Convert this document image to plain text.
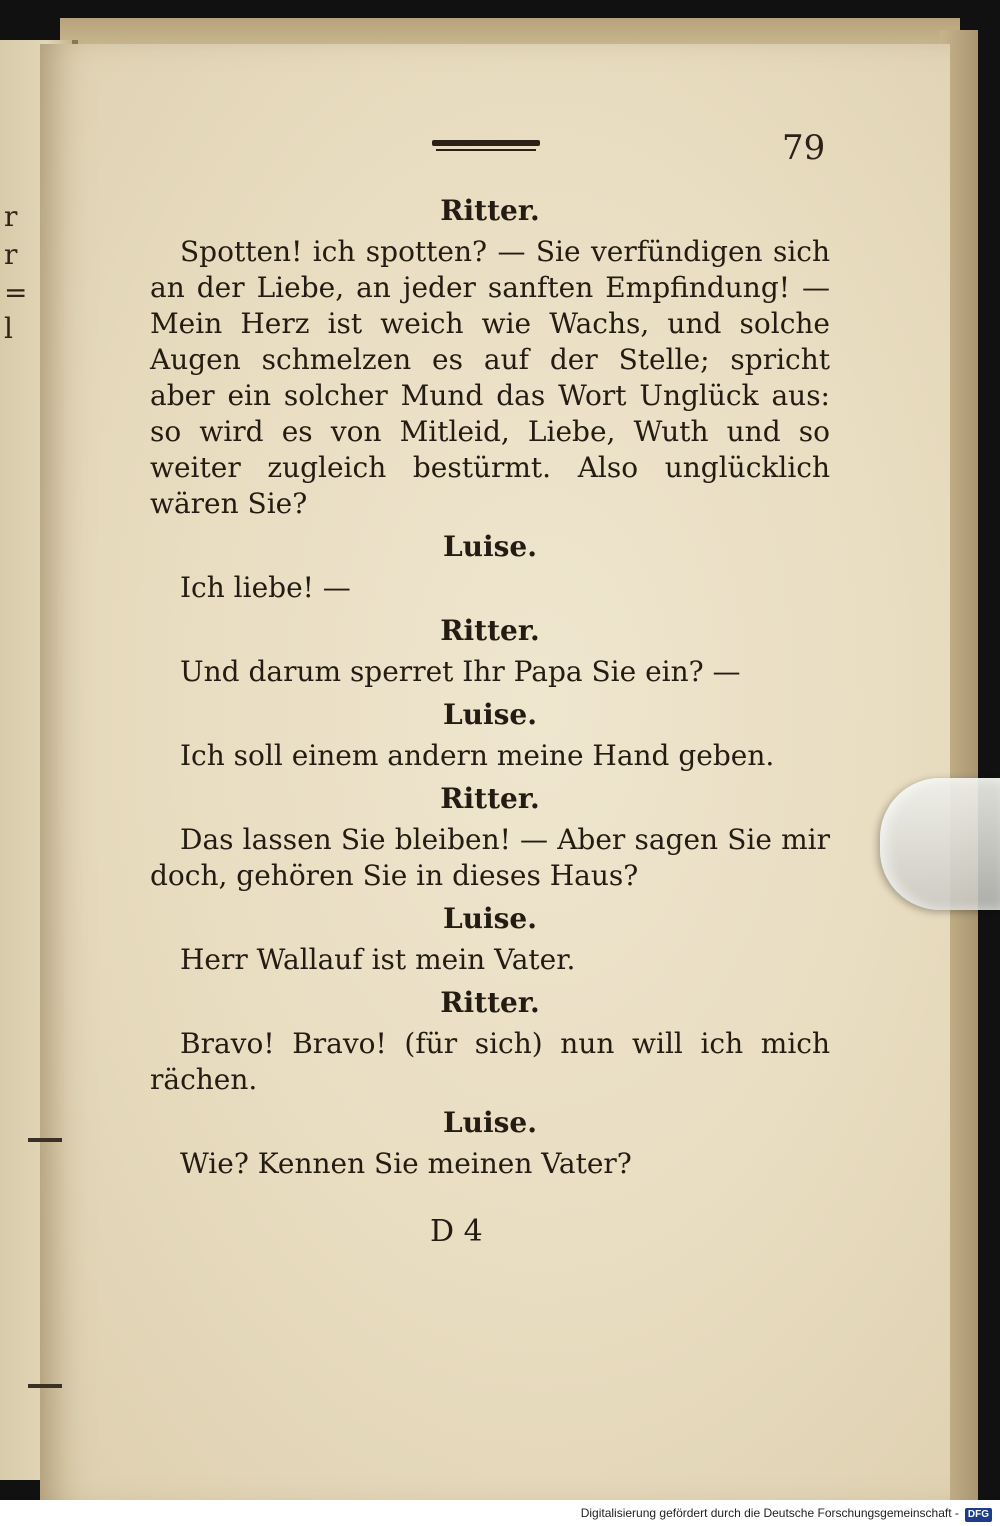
r
r
=
l
79

Ritter.

Spotten! ich spotten? — Sie verfündigen sich an der Liebe, an jeder sanften Empfindung! — Mein Herz ist weich wie Wachs, und solche Augen schmelzen es auf der Stelle; spricht aber ein solcher Mund das Wort Unglück aus: so wird es von Mitleid, Liebe, Wuth und so weiter zugleich bestürmt. Also unglücklich wären Sie?

Luise.

Ich liebe! —

Ritter.

Und darum sperret Ihr Papa Sie ein? —

Luise.

Ich soll einem andern meine Hand geben.

Ritter.

Das lassen Sie bleiben! — Aber sagen Sie mir doch, gehören Sie in dieses Haus?

Luise.

Herr Wallauf ist mein Vater.

Ritter.

Bravo! Bravo! (für sich) nun will ich mich rächen.

Luise.

Wie? Kennen Sie meinen Vater?

D 4
Digitalisierung gefördert durch die Deutsche Forschungsgemeinschaft - DFG
